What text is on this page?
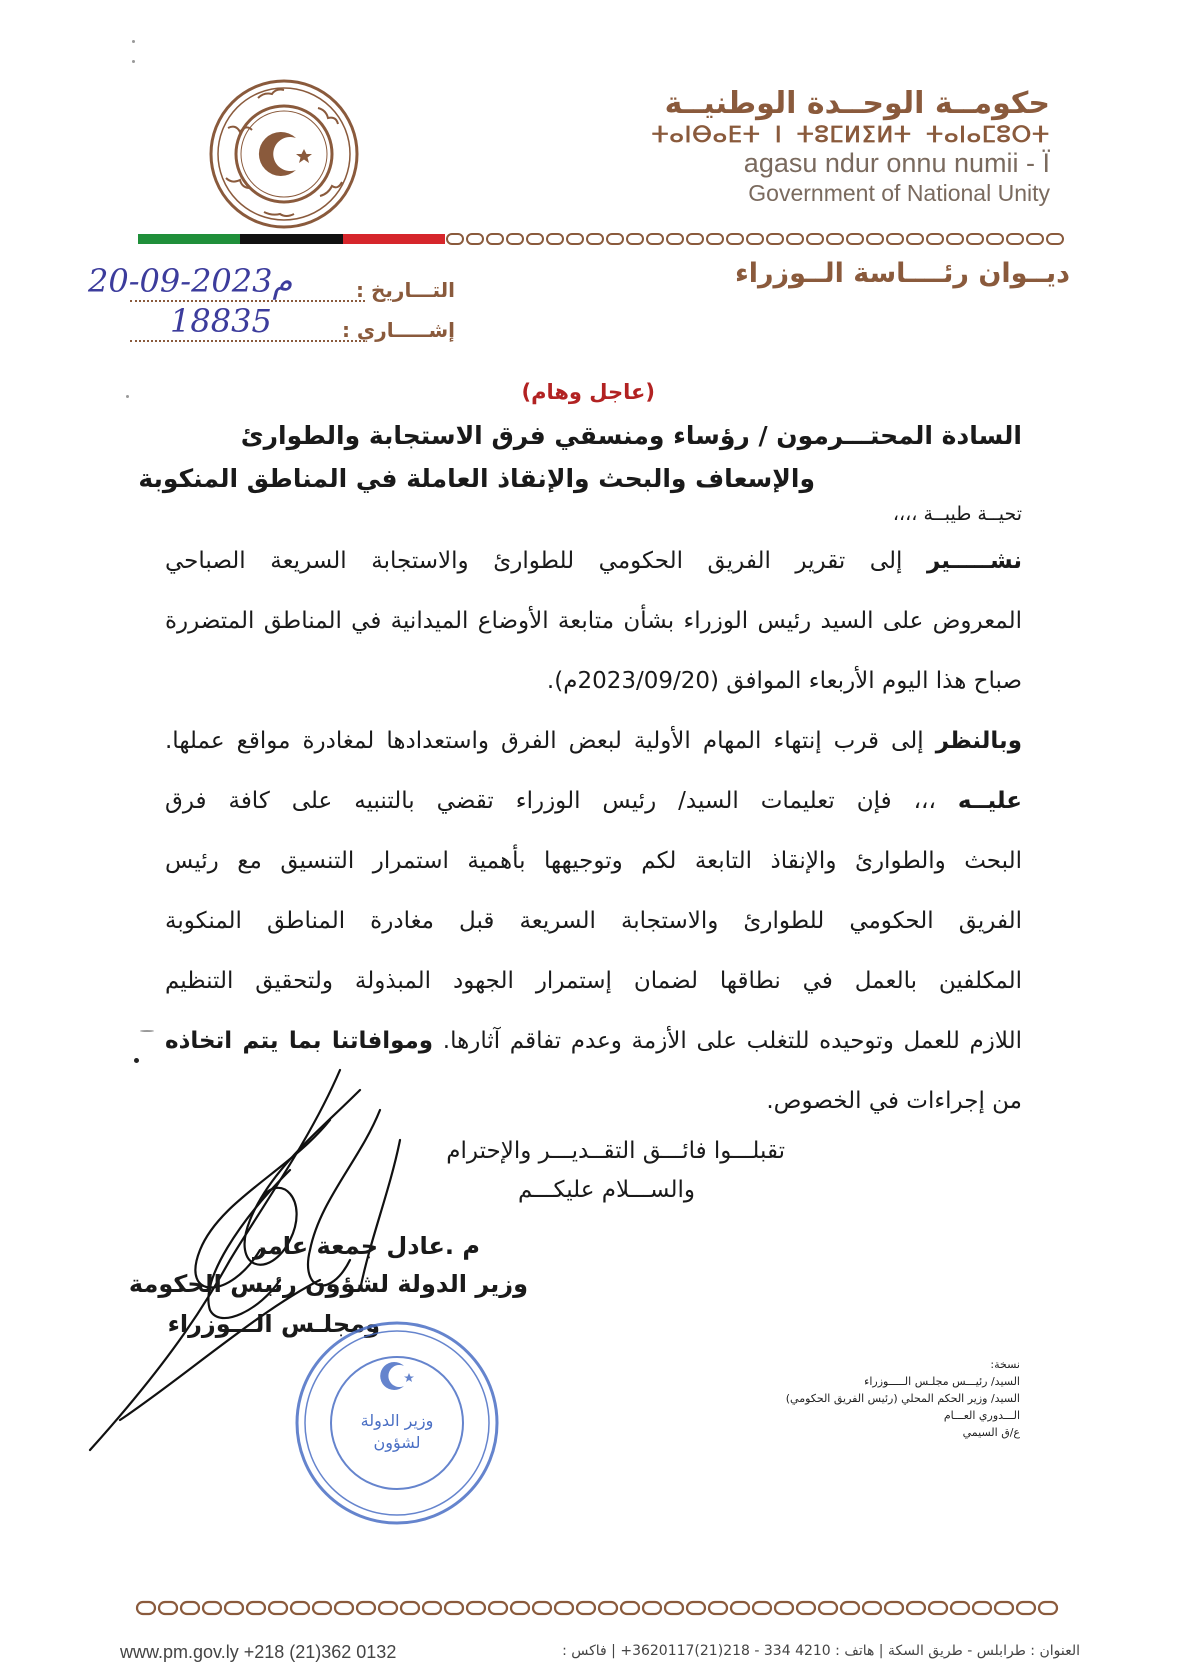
حكومــة الوحــدة الوطنيــة
ⵜⴰⵏⴱⴰⴹⵜ ⵏ ⵜⵓⵎⵍⵉⵍⵜ ⵜⴰⵏⴰⵎⵓⵔⵜ
agasu ndur onnu numii - Ï
Government of National Unity
ديــوان رئــــاسة الــوزراء
التـــاريخ :
م2023-09-20
إشـــــاري :
18835
(عاجل وهام)
السادة المحتـــرمون / رؤساء ومنسقي فرق الاستجابة والطوارئ
والإسعاف والبحث والإنقاذ العاملة في المناطق المنكوبة
تحيــة طيبــة ،،،،
نشـــــير إلى تقرير الفريق الحكومي للطوارئ والاستجابة السريعة الصباحي
المعروض على السيد رئيس الوزراء بشأن متابعة الأوضاع الميدانية في المناطق المتضررة
صباح هذا اليوم الأربعاء الموافق (2023/09/20م).
وبالنظر إلى قرب إنتهاء المهام الأولية لبعض الفرق واستعدادها لمغادرة مواقع عملها.
عليــه ،،، فإن تعليمات السيد/ رئيس الوزراء تقضي بالتنبيه على كافة فرق
البحث والطوارئ والإنقاذ التابعة لكم وتوجيهها بأهمية استمرار التنسيق مع رئيس
الفريق الحكومي للطوارئ والاستجابة السريعة قبل مغادرة المناطق المنكوبة
المكلفين بالعمل في نطاقها لضمان إستمرار الجهود المبذولة ولتحقيق التنظيم
اللازم للعمل وتوحيده للتغلب على الأزمة وعدم تفاقم آثارها. وموافاتنا بما يتم اتخاذه
من إجراءات في الخصوص.
تقبلـــوا فائـــق التقــديـــر والإحترام
والســـلام عليكـــم
م .عادل جمعة عامر
وزير الدولة لشؤون رئيس الحكومة
ومجلـس الـــوزراء
وزير الدولة
لشؤون
نسخة:
السيد/ رئيـــس مجلـس الـــــوزراء
السيد/ وزير الحكم المحلي (رئيس الفريق الحكومي)
الـــدوري العـــام
ع/ق السيمي
www.pm.gov.ly +218 (21)362 0132	العنوان : طرابلس - طريق السكة | هاتف : 4210 334 - 218(21)3620117+ | فاكس :
